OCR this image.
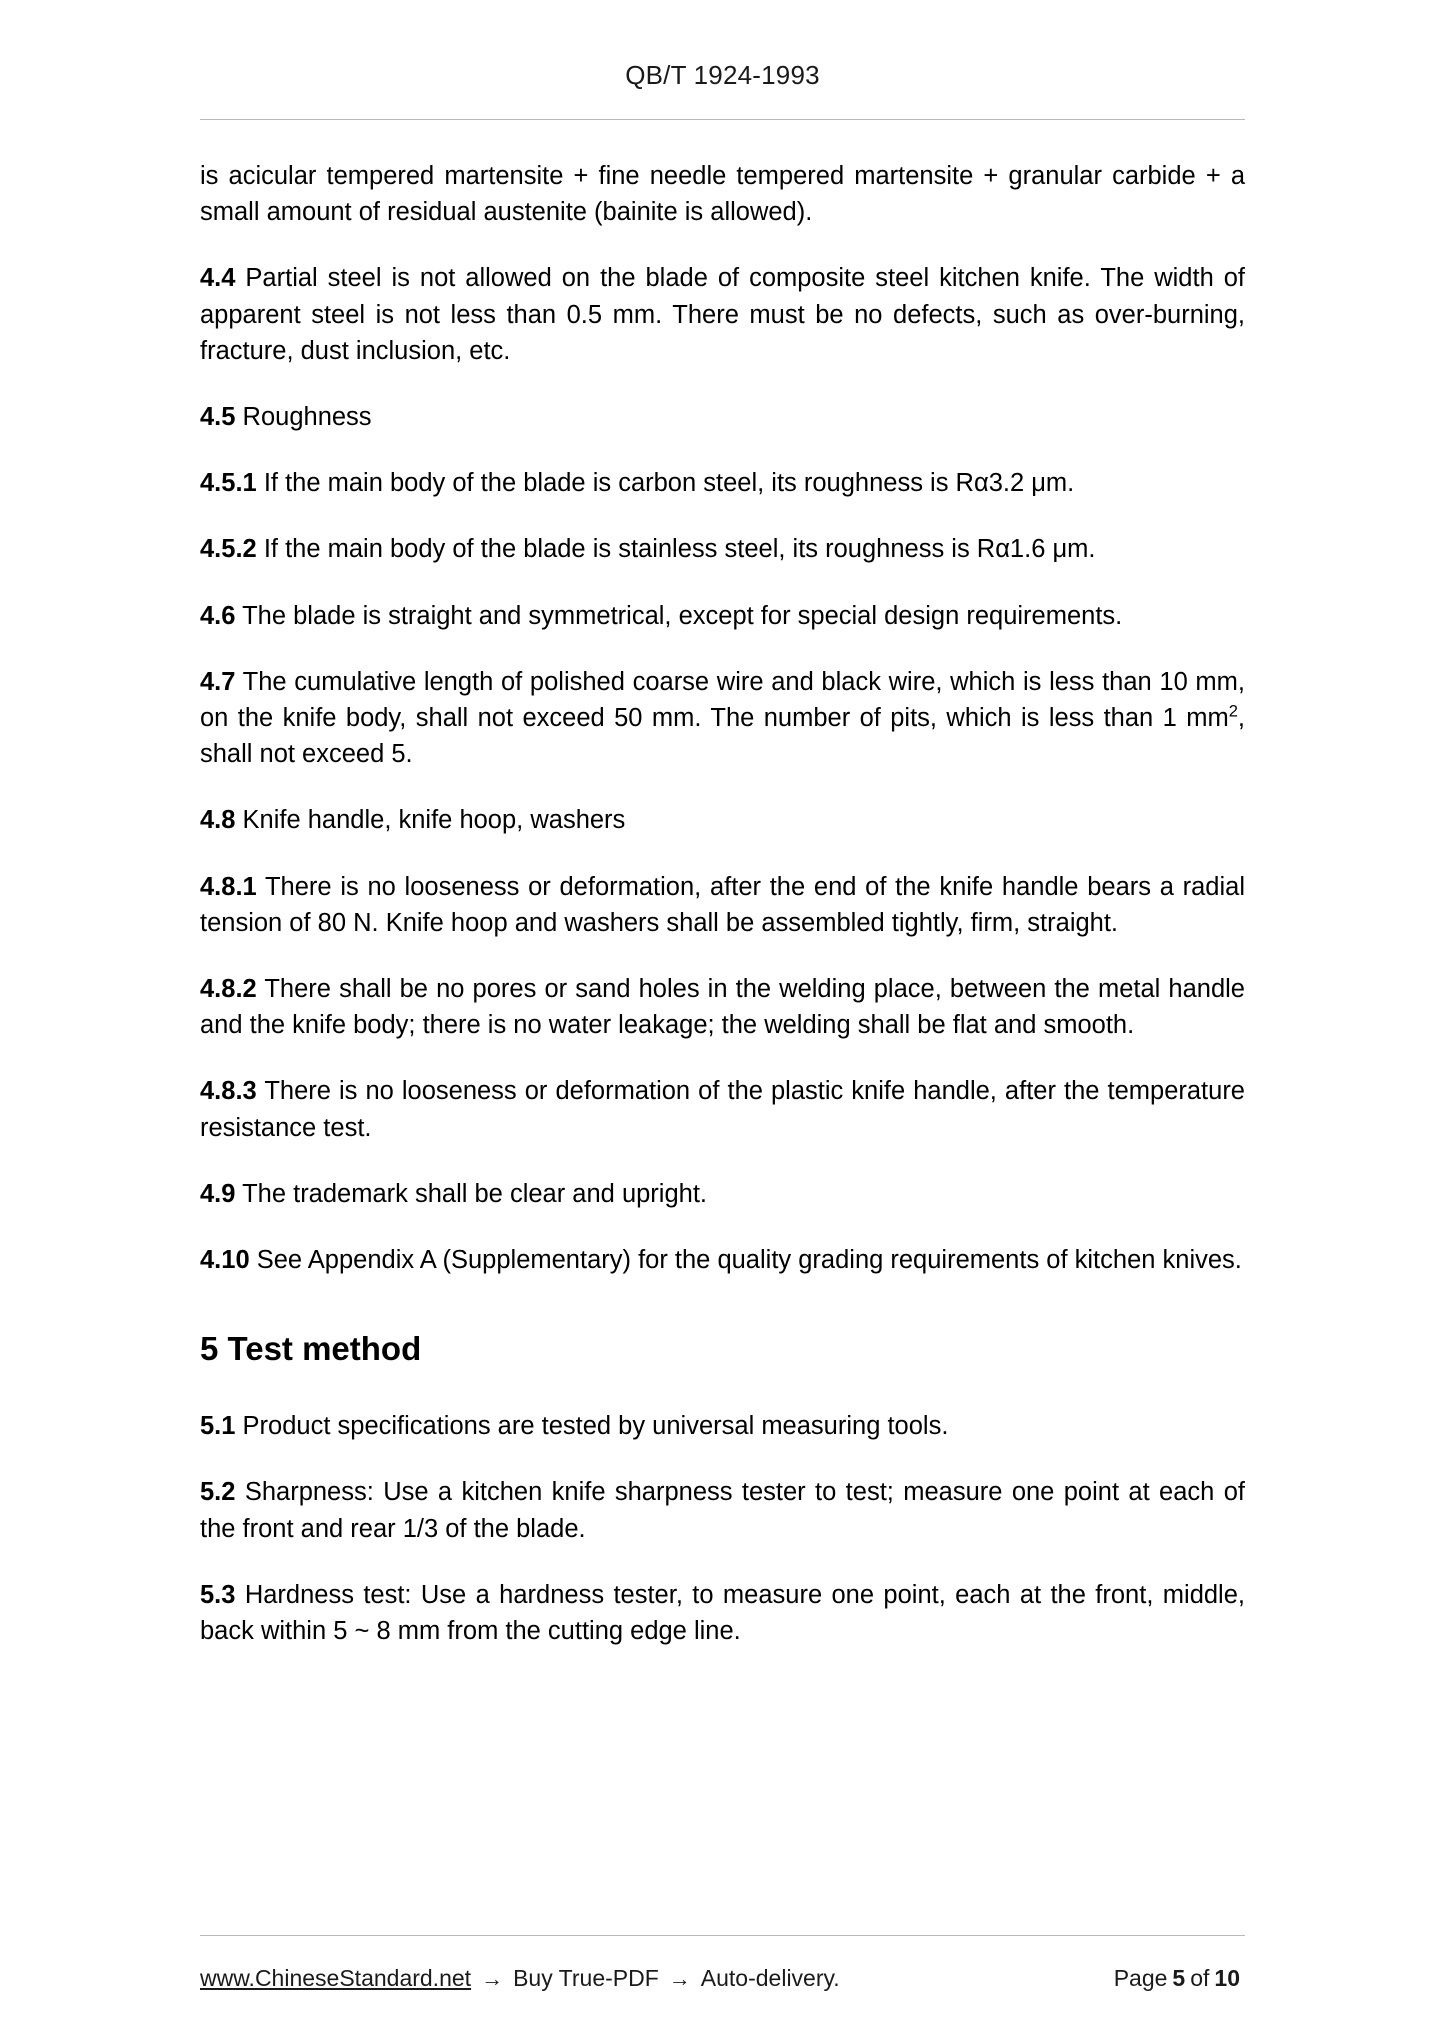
QB/T 1924-1993

is acicular tempered martensite + fine needle tempered martensite + granular carbide + a small amount of residual austenite (bainite is allowed).

4.4 Partial steel is not allowed on the blade of composite steel kitchen knife. The width of apparent steel is not less than 0.5 mm. There must be no defects, such as over-burning, fracture, dust inclusion, etc.

4.5 Roughness

4.5.1 If the main body of the blade is carbon steel, its roughness is Rα3.2 μm.

4.5.2 If the main body of the blade is stainless steel, its roughness is Rα1.6 μm.

4.6 The blade is straight and symmetrical, except for special design requirements.

4.7 The cumulative length of polished coarse wire and black wire, which is less than 10 mm, on the knife body, shall not exceed 50 mm. The number of pits, which is less than 1 $mm^2$, shall not exceed 5.

4.8 Knife handle, knife hoop, washers

4.8.1 There is no looseness or deformation, after the end of the knife handle bears a radial tension of 80 N. Knife hoop and washers shall be assembled tightly, firm, straight.

4.8.2 There shall be no pores or sand holes in the welding place, between the metal handle and the knife body; there is no water leakage; the welding shall be flat and smooth.

4.8.3 There is no looseness or deformation of the plastic knife handle, after the temperature resistance test.

4.9 The trademark shall be clear and upright.

4.10 See Appendix A (Supplementary) for the quality grading requirements of kitchen knives.

5 Test method

5.1 Product specifications are tested by universal measuring tools.

5.2 Sharpness: Use a kitchen knife sharpness tester to test; measure one point at each of the front and rear 1/3 of the blade.

5.3 Hardness test: Use a hardness tester, to measure one point, each at the front, middle, back within 5 ~ 8 mm from the cutting edge line.

www.ChineseStandard.net → Buy True-PDF → Auto-delivery.	Page 5 of 10
